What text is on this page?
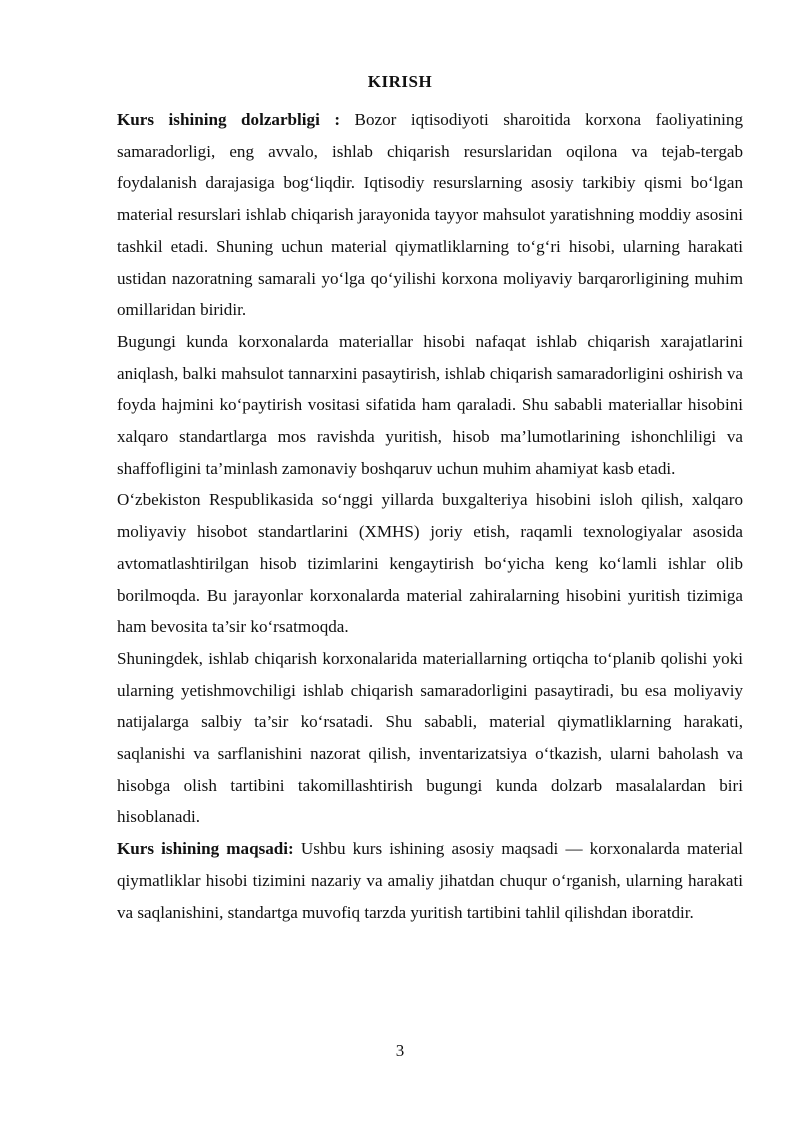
KIRISH

Kurs ishining dolzarbligi : Bozor iqtisodiyoti sharoitida korxona faoliyatining samaradorligi, eng avvalo, ishlab chiqarish resurslaridan oqilona va tejab-tergab foydalanish darajasiga bog‘liqdir. Iqtisodiy resurslarning asosiy tarkibiy qismi bo‘lgan material resurslari ishlab chiqarish jarayonida tayyor mahsulot yaratishning moddiy asosini tashkil etadi. Shuning uchun material qiymatliklarning to‘g‘ri hisobi, ularning harakati ustidan nazoratning samarali yo‘lga qo‘yilishi korxona moliyaviy barqarorligining muhim omillaridan biridir.

Bugungi kunda korxonalarda materiallar hisobi nafaqat ishlab chiqarish xarajatlarini aniqlash, balki mahsulot tannarxini pasaytirish, ishlab chiqarish samaradorligini oshirish va foyda hajmini ko‘paytirish vositasi sifatida ham qaraladi. Shu sababli materiallar hisobini xalqaro standartlarga mos ravishda yuritish, hisob ma’lumotlarining ishonchliligi va shaffofligini ta’minlash zamonaviy boshqaruv uchun muhim ahamiyat kasb etadi.

O‘zbekiston Respublikasida so‘nggi yillarda buxgalteriya hisobini isloh qilish, xalqaro moliyaviy hisobot standartlarini (XMHS) joriy etish, raqamli texnologiyalar asosida avtomatlashtirilgan hisob tizimlarini kengaytirish bo‘yicha keng ko‘lamli ishlar olib borilmoqda. Bu jarayonlar korxonalarda material zahiralarning hisobini yuritish tizimiga ham bevosita ta’sir ko‘rsatmoqda.

Shuningdek, ishlab chiqarish korxonalarida materiallarning ortiqcha to‘planib qolishi yoki ularning yetishmovchiligi ishlab chiqarish samaradorligini pasaytiradi, bu esa moliyaviy natijalarga salbiy ta’sir ko‘rsatadi. Shu sababli, material qiymatliklarning harakati, saqlanishi va sarflanishini nazorat qilish, inventarizatsiya o‘tkazish, ularni baholash va hisobga olish tartibini takomillashtirish bugungi kunda dolzarb masalalardan biri hisoblanadi.

Kurs ishining maqsadi: Ushbu kurs ishining asosiy maqsadi — korxonalarda material qiymatliklar hisobi tizimini nazariy va amaliy jihatdan chuqur o‘rganish, ularning harakati va saqlanishini, standartga muvofiq tarzda yuritish tartibini tahlil qilishdan iboratdir.

3
